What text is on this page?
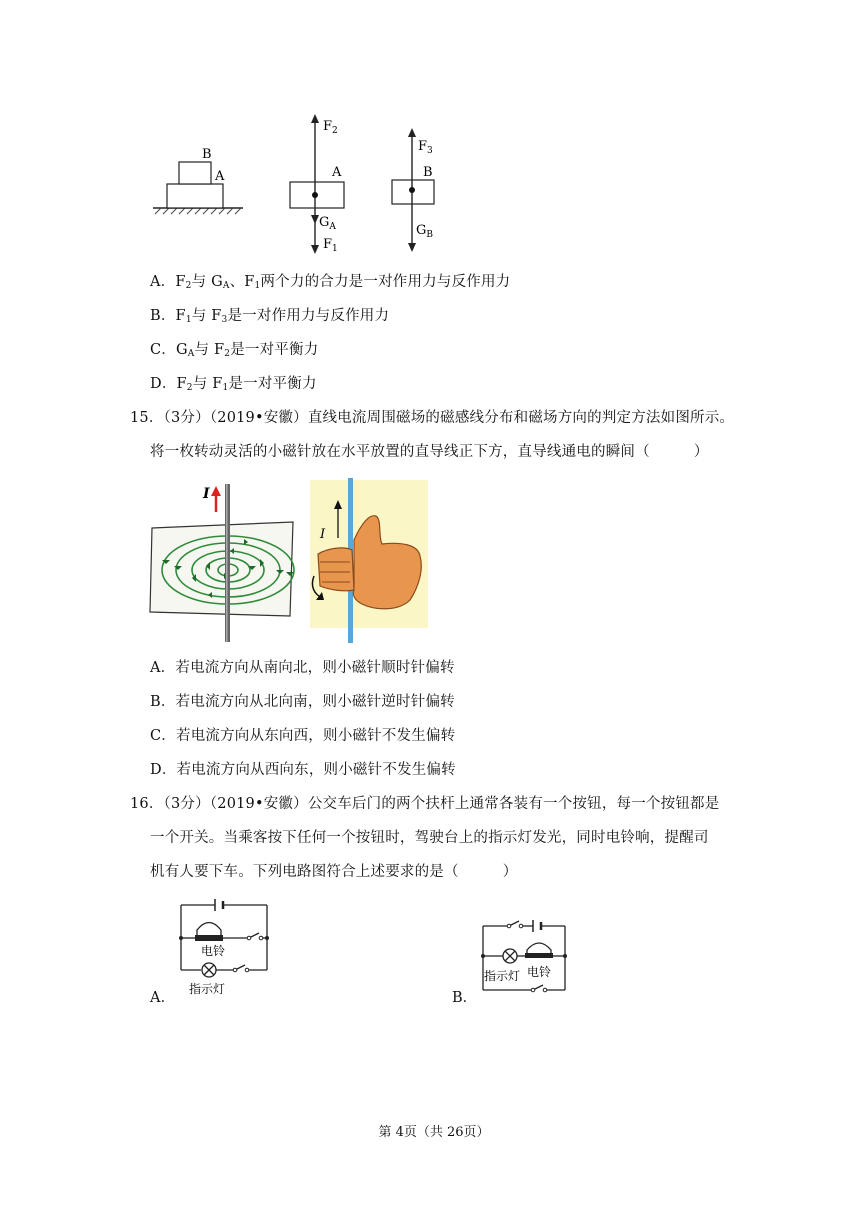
B
A
$F_2$
A
$G_A$
$F_1$
$F_3$
B
$G_B$
A．$F_2$与 $G_A$、$F_1$两个力的合力是一对作用力与反作用力
B．$F_1$与 $F_3$是一对作用力与反作用力
C．$G_A$与 $F_2$是一对平衡力
D．$F_2$与 $F_1$是一对平衡力
15．（3分）（2019•安徽）直线电流周围磁场的磁感线分布和磁场方向的判定方法如图所示。
将一枚转动灵活的小磁针放在水平放置的直导线正下方，直导线通电的瞬间（　　　）
I
I
A．若电流方向从南向北，则小磁针顺时针偏转
B．若电流方向从北向南，则小磁针逆时针偏转
C．若电流方向从东向西，则小磁针不发生偏转
D．若电流方向从西向东，则小磁针不发生偏转
16．（3分）（2019•安徽）公交车后门的两个扶杆上通常各装有一个按钮，每一个按钮都是
一个开关。当乘客按下任何一个按钮时，驾驶台上的指示灯发光，同时电铃响，提醒司
机有人要下车。下列电路图符合上述要求的是（　　　）
A．
电铃
指示灯
B．
指示灯 电铃
第 4页（共 26页）
